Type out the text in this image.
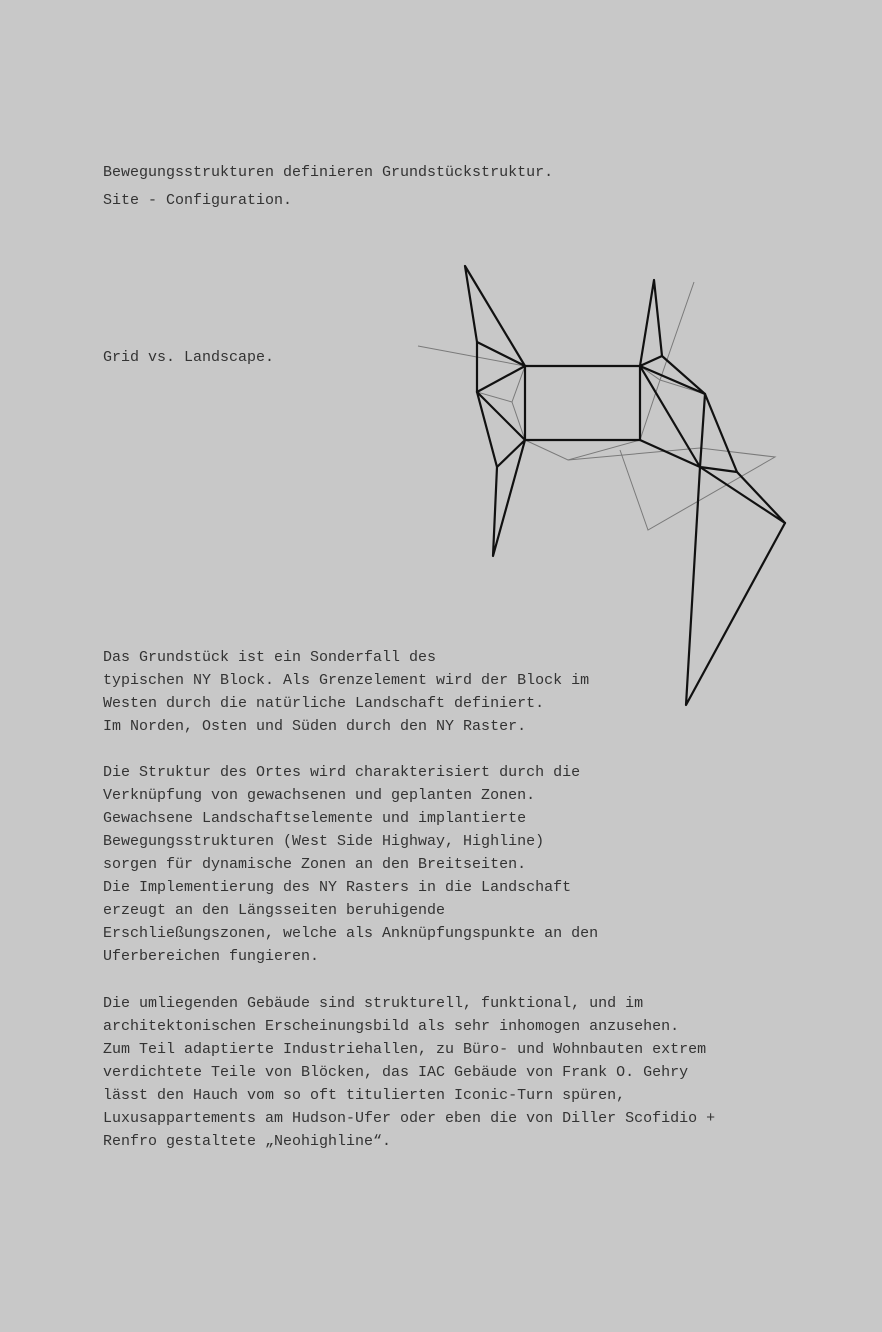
Bewegungsstrukturen definieren Grundstückstruktur.
Site - Configuration.
Grid vs. Landscape.
Das Grundstück ist ein Sonderfall des
typischen NY Block. Als Grenzelement wird der Block im
Westen durch die natürliche Landschaft definiert.
Im Norden, Osten und Süden durch den NY Raster.
Die Struktur des Ortes wird charakterisiert durch die
Verknüpfung von gewachsenen und geplanten Zonen.
Gewachsene Landschaftselemente und implantierte
Bewegungsstrukturen (West Side Highway, Highline)
sorgen für dynamische Zonen an den Breitseiten.
Die Implementierung des NY Rasters in die Landschaft
erzeugt an den Längsseiten beruhigende
Erschließungszonen, welche als Anknüpfungspunkte an den
Uferbereichen fungieren.
Die umliegenden Gebäude sind strukturell, funktional, und im
architektonischen Erscheinungsbild als sehr inhomogen anzusehen.
Zum Teil adaptierte Industriehallen, zu Büro- und Wohnbauten extrem
verdichtete Teile von Blöcken, das IAC Gebäude von Frank O. Gehry
lässt den Hauch vom so oft titulierten Iconic-Turn spüren,
Luxusappartements am Hudson-Ufer oder eben die von Diller Scofidio +
Renfro gestaltete „Neohighline“.
